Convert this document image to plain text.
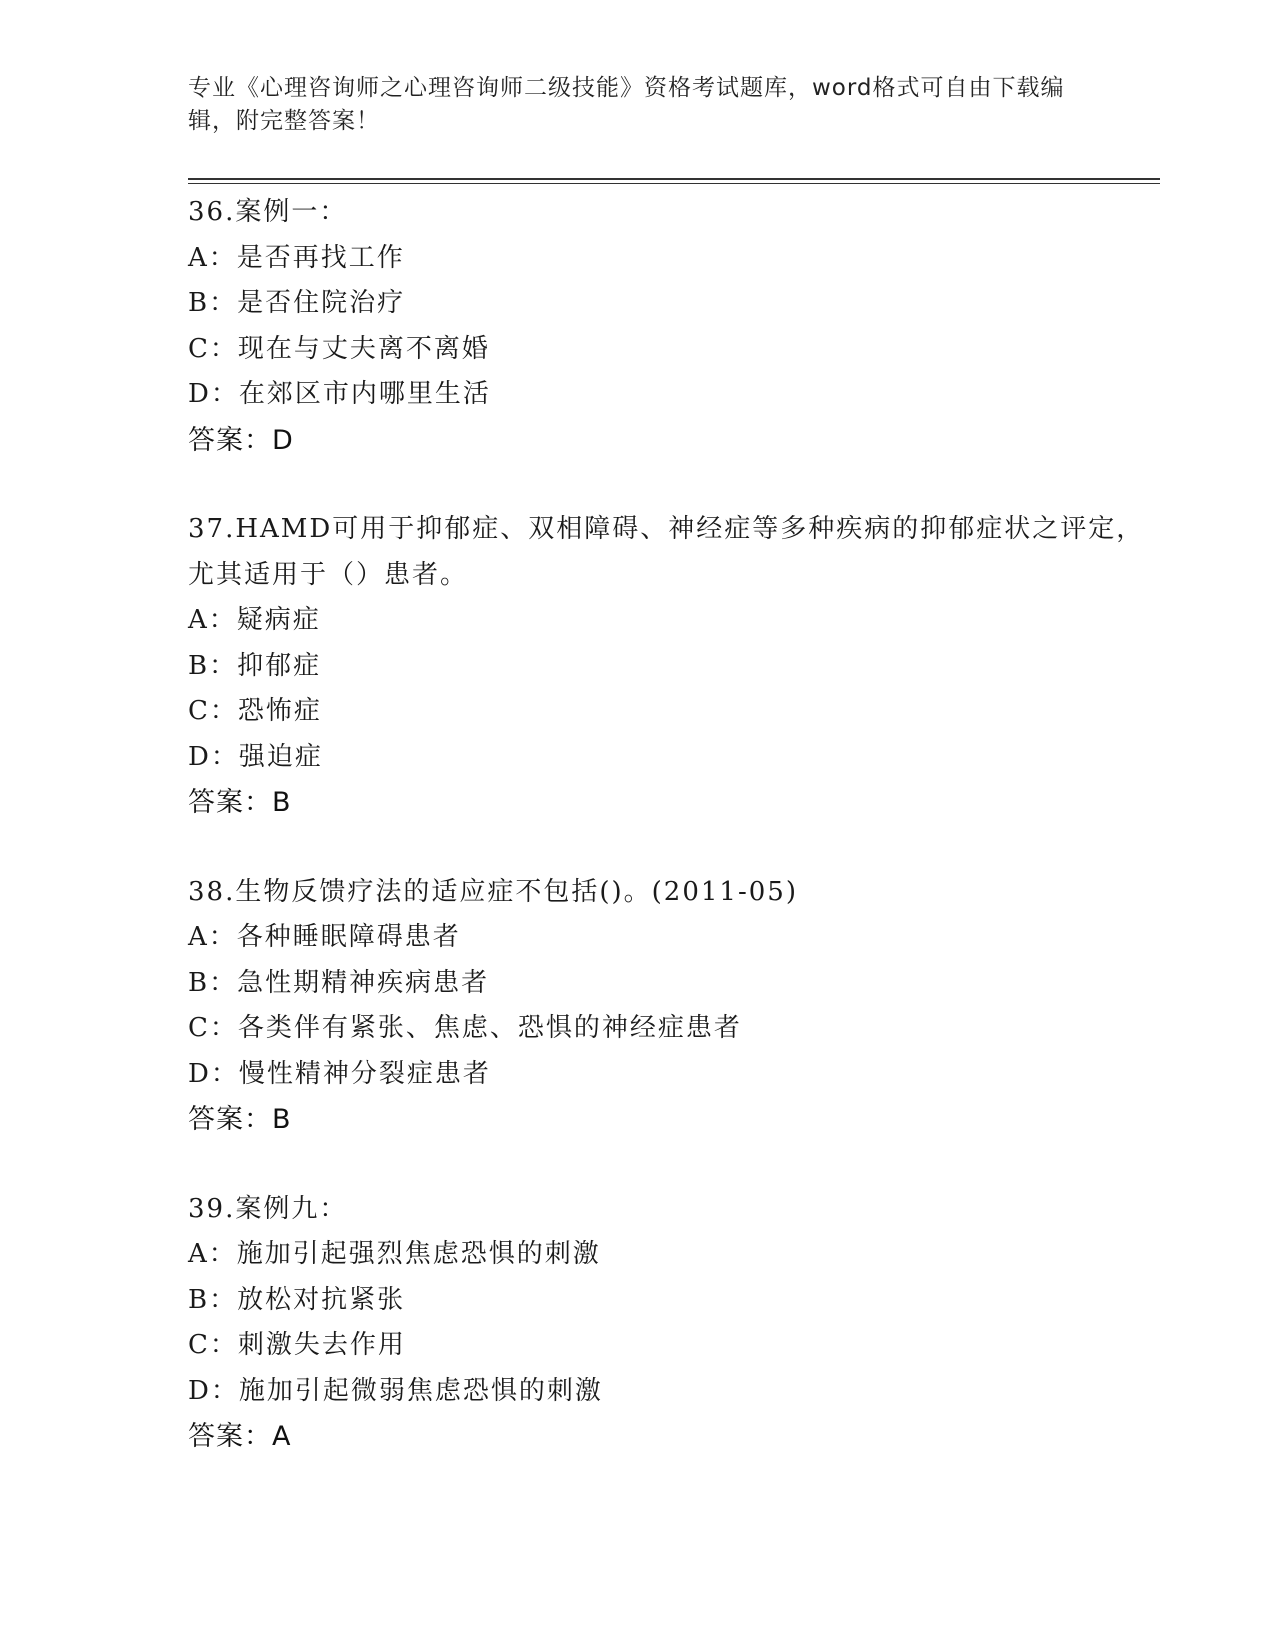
专业《心理咨询师之心理咨询师二级技能》资格考试题库，word格式可自由下载编辑，附完整答案！

36.案例一：

A：是否再找工作

B：是否住院治疗

C：现在与丈夫离不离婚

D：在郊区市内哪里生活

答案：D

37.HAMD可用于抑郁症、双相障碍、神经症等多种疾病的抑郁症状之评定，尤其适用于（）患者。

A：疑病症

B：抑郁症

C：恐怖症

D：强迫症

答案：B

38.生物反馈疗法的适应症不包括()。(2011-05)

A：各种睡眠障碍患者

B：急性期精神疾病患者

C：各类伴有紧张、焦虑、恐惧的神经症患者

D：慢性精神分裂症患者

答案：B

39.案例九：

A：施加引起强烈焦虑恐惧的刺激

B：放松对抗紧张

C：刺激失去作用

D：施加引起微弱焦虑恐惧的刺激

答案：A
